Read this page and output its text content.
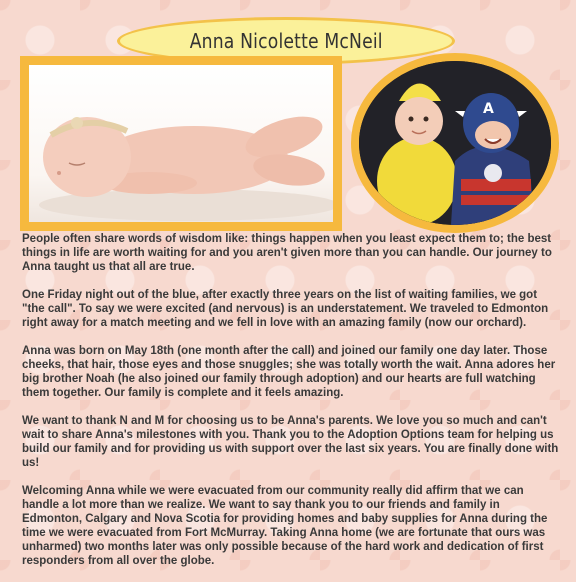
Anna Nicolette McNeil
A

People often share words of wisdom like: things happen when you least expect them to; the best things in life are worth waiting for and you aren't given more than you can handle. Our journey to Anna taught us that all are true.

One Friday night out of the blue, after exactly three years on the list of waiting families, we got "the call". To say we were excited (and nervous) is an understatement. We traveled to Edmonton right away for a match meeting and we fell in love with an amazing family (now our orchard).

Anna was born on May 18th (one month after the call) and joined our family one day later. Those cheeks, that hair, those eyes and those snuggles; she was totally worth the wait. Anna adores her big brother Noah (he also joined our family through adoption) and our hearts are full watching them together. Our family is complete and it feels amazing.

We want to thank N and M for choosing us to be Anna's parents. We love you so much and can't wait to share Anna's milestones with you. Thank you to the Adoption Options team for helping us build our family and for providing us with support over the last six years. You are finally done with us!

Welcoming Anna while we were evacuated from our community really did affirm that we can handle a lot more than we realize. We want to say thank you to our friends and family in Edmonton, Calgary and Nova Scotia for providing homes and baby supplies for Anna during the time we were evacuated from Fort McMurray. Taking Anna home (we are fortunate that ours was unharmed) two months later was only possible because of the hard work and dedication of first responders from all over the globe.
